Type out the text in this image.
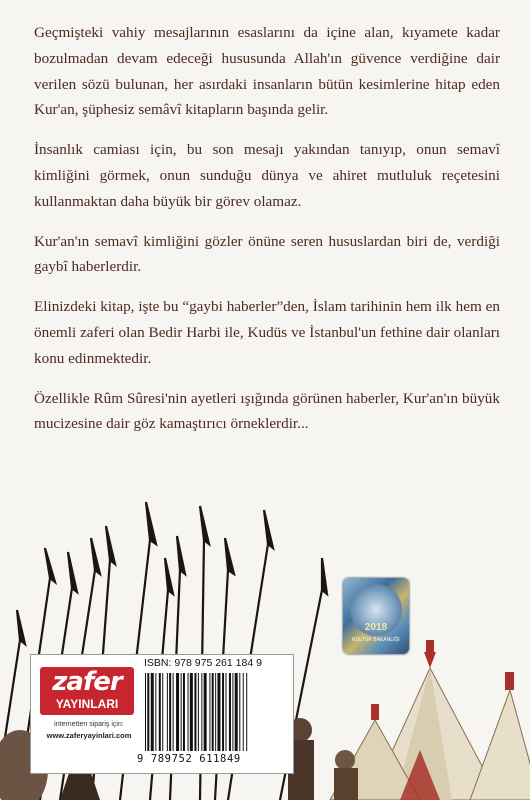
Geçmişteki vahiy mesajlarının esaslarını da içine alan, kıyamete kadar bozulmadan devam edeceği hususunda Allah'ın güvence verdiğine dair verilen sözü bulunan, her asırdaki insanların bütün kesimlerine hitap eden Kur'an, şüphesiz semâvî kitapların başında gelir.

İnsanlık camiası için, bu son mesajı yakından tanıyıp, onun semavî kimliğini görmek, onun sunduğu dünya ve ahiret mutluluk reçetesini kullanmaktan daha büyük bir görev olamaz.

Kur'an'ın semavî kimliğini gözler önüne seren hususlardan biri de, verdiği gaybî haberlerdir.

Elinizdeki kitap, işte bu “gaybi haberler”den, İslam tarihinin hem ilk hem en önemli zaferi olan Bedir Harbi ile, Kudüs ve İstanbul'un fethine dair olanları konu edinmektedir.

Özellikle Rûm Sûresi'nin ayetleri ışığında görünen haberler, Kur'an'ın büyük mucizesine dair göz kamaştırıcı örneklerdir...

2018
KÜLTÜR BAKANLIĞI
zafer
YAYINLARI
internetten sipariş için:
www.zaferyayinlari.com
ISBN: 978 975 261 184 9
9 789752 611849
